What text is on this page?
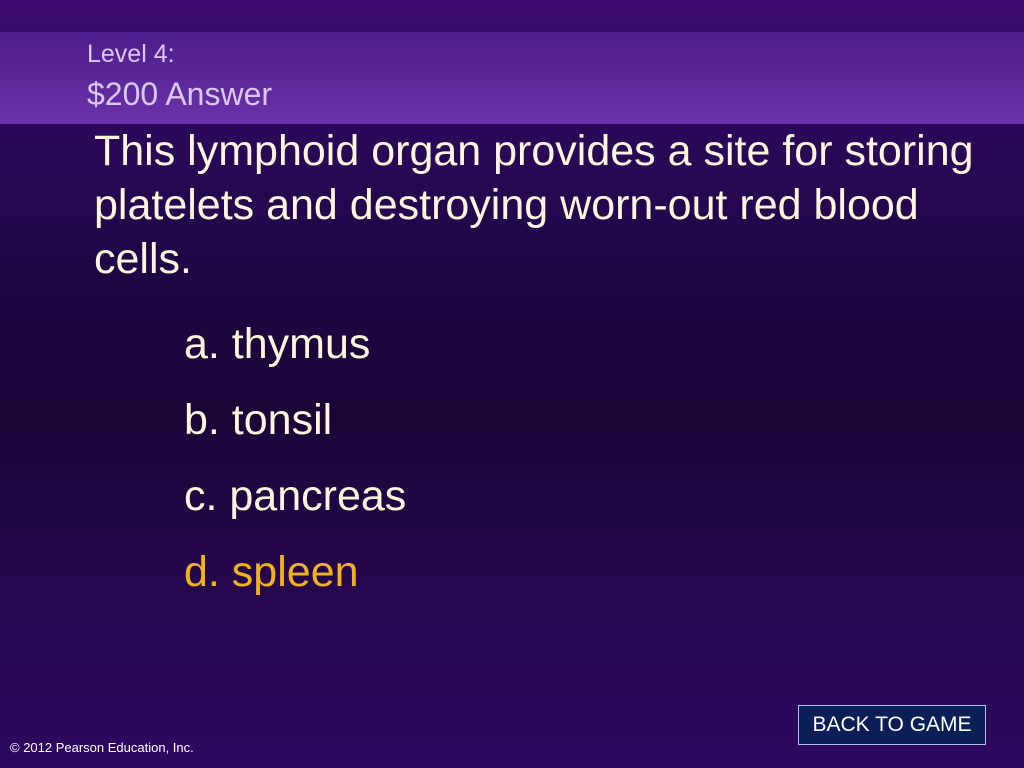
Level 4:
$200 Answer
This lymphoid organ provides a site for storing platelets and destroying worn-out red blood cells.
a. thymus
b. tonsil
c. pancreas
d. spleen
BACK TO GAME
© 2012 Pearson Education, Inc.
